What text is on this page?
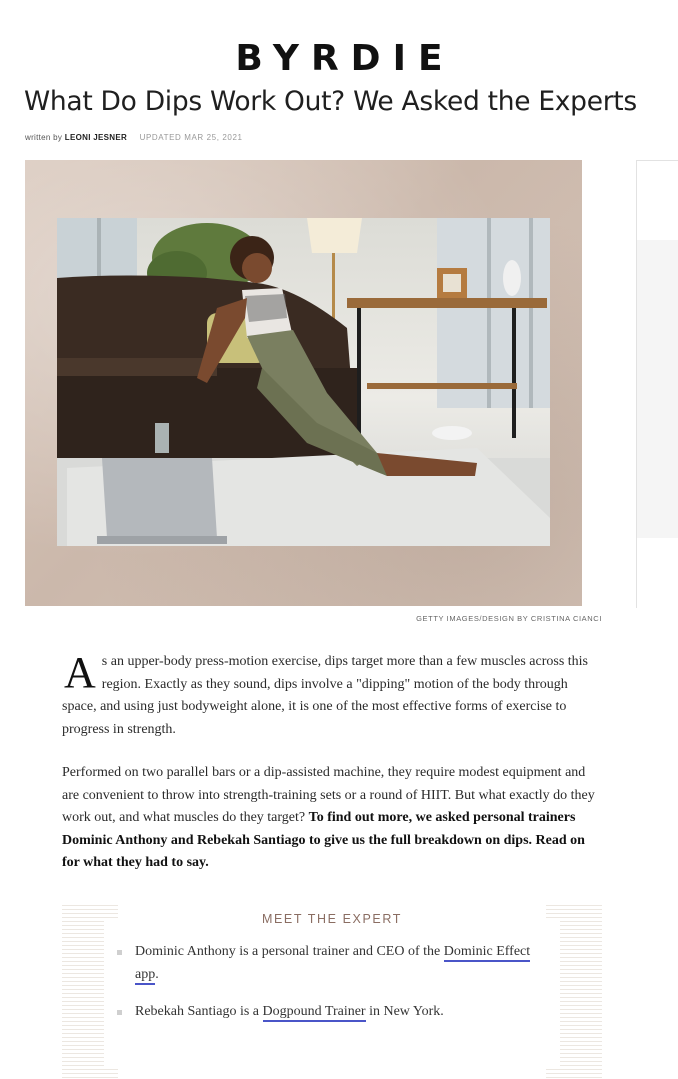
BYRDIE
What Do Dips Work Out? We Asked the Experts
written by LEONI JESNER UPDATED MAR 25, 2021
GETTY IMAGES/DESIGN BY CRISTINA CIANCI
As an upper-body press-motion exercise, dips target more than a few muscles across this region. Exactly as they sound, dips involve a "dipping" motion of the body through space, and using just bodyweight alone, it is one of the most effective forms of exercise to progress in strength.
Performed on two parallel bars or a dip-assisted machine, they require modest equipment and are convenient to throw into strength-training sets or a round of HIIT. But what exactly do they work out, and what muscles do they target? To find out more, we asked personal trainers Dominic Anthony and Rebekah Santiago to give us the full breakdown on dips. Read on for what they had to say.
MEET THE EXPERT
Dominic Anthony is a personal trainer and CEO of the Dominic Effect app.
Rebekah Santiago is a Dogpound Trainer in New York.
